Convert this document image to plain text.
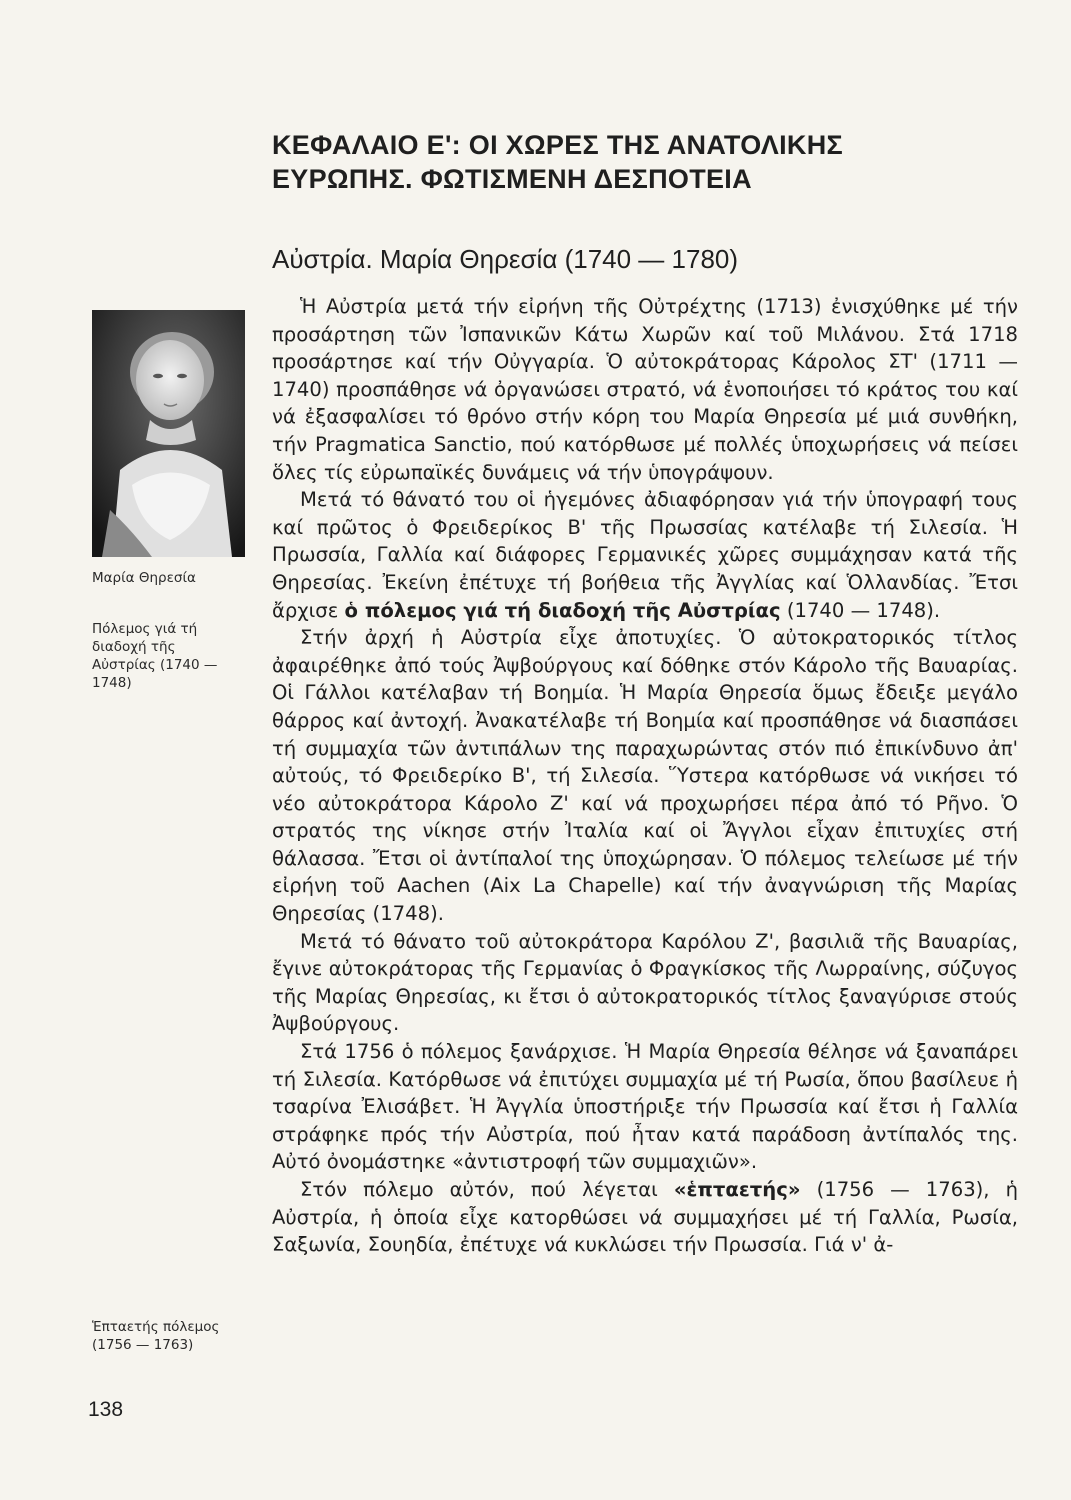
ΚΕΦΑΛΑΙΟ Ε': ΟΙ ΧΩΡΕΣ ΤΗΣ ΑΝΑΤΟΛΙΚΗΣ
ΕΥΡΩΠΗΣ. ΦΩΤΙΣΜΕΝΗ ΔΕΣΠΟΤΕΙΑ
Αὐστρία. Μαρία Θηρεσία (1740 — 1780)
Μαρία Θηρεσία
Πόλεμος γιά τή διαδοχή τῆς Αὐστρίας (1740 — 1748)
Ἑπταετής πόλεμος (1756 — 1763)

Ἡ Αὐστρία μετά τήν εἰρήνη τῆς Οὐτρέχτης (1713) ἐνισχύθηκε μέ τήν προσάρτηση τῶν Ἰσπανικῶν Κάτω Χωρῶν καί τοῦ Μιλάνου. Στά 1718 προσάρτησε καί τήν Οὐγγαρία. Ὁ αὐτοκράτορας Κάρολος ΣΤ' (1711 — 1740) προσπάθησε νά ὀργανώσει στρατό, νά ἑνοποιήσει τό κράτος του καί νά ἐξασφαλίσει τό θρόνο στήν κόρη του Μαρία Θηρεσία μέ μιά συνθήκη, τήν Pragmatica Sanctio, πού κατόρθωσε μέ πολλές ὑποχωρήσεις νά πείσει ὅλες τίς εὐρωπαϊκές δυνάμεις νά τήν ὑπογράψουν.

Μετά τό θάνατό του οἱ ἡγεμόνες ἀδιαφόρησαν γιά τήν ὑπογραφή τους καί πρῶτος ὁ Φρειδερίκος Β' τῆς Πρωσσίας κατέλαβε τή Σιλεσία. Ἡ Πρωσσία, Γαλλία καί διάφορες Γερμανικές χῶρες συμμάχησαν κατά τῆς Θηρεσίας. Ἐκείνη ἐπέτυχε τή βοήθεια τῆς Ἀγγλίας καί Ὁλλανδίας. Ἔτσι ἄρχισε ὁ πόλεμος γιά τή διαδοχή τῆς Αὐστρίας (1740 — 1748).

Στήν ἀρχή ἡ Αὐστρία εἶχε ἀποτυχίες. Ὁ αὐτοκρατορικός τίτλος ἀφαιρέθηκε ἀπό τούς Ἀψβούργους καί δόθηκε στόν Κάρολο τῆς Βαυαρίας. Οἱ Γάλλοι κατέλαβαν τή Βοημία. Ἡ Μαρία Θηρεσία ὅμως ἔδειξε μεγάλο θάρρος καί ἀντοχή. Ἀνακατέλαβε τή Βοημία καί προσπάθησε νά διασπάσει τή συμμαχία τῶν ἀντιπάλων της παραχωρώντας στόν πιό ἐπικίνδυνο ἀπ' αὐτούς, τό Φρειδερίκο Β', τή Σιλεσία. Ὕστερα κατόρθωσε νά νικήσει τό νέο αὐτοκράτορα Κάρολο Ζ' καί νά προχωρήσει πέρα ἀπό τό Ρῆνο. Ὁ στρατός της νίκησε στήν Ἰταλία καί οἱ Ἄγγλοι εἶχαν ἐπιτυχίες στή θάλασσα. Ἔτσι οἱ ἀντίπαλοί της ὑποχώρησαν. Ὁ πόλεμος τελείωσε μέ τήν εἰρήνη τοῦ Aachen (Aix La Chapelle) καί τήν ἀναγνώριση τῆς Μαρίας Θηρεσίας (1748).

Μετά τό θάνατο τοῦ αὐτοκράτορα Καρόλου Ζ', βασιλιᾶ τῆς Βαυαρίας, ἔγινε αὐτοκράτορας τῆς Γερμανίας ὁ Φραγκίσκος τῆς Λωρραίνης, σύζυγος τῆς Μαρίας Θηρεσίας, κι ἔτσι ὁ αὐτοκρατορικός τίτλος ξαναγύρισε στούς Ἀψβούργους.

Στά 1756 ὁ πόλεμος ξανάρχισε. Ἡ Μαρία Θηρεσία θέλησε νά ξαναπάρει τή Σιλεσία. Κατόρθωσε νά ἐπιτύχει συμμαχία μέ τή Ρωσία, ὅπου βασίλευε ἡ τσαρίνα Ἐλισάβετ. Ἡ Ἀγγλία ὑποστήριξε τήν Πρωσσία καί ἔτσι ἡ Γαλλία στράφηκε πρός τήν Αὐστρία, πού ἦταν κατά παράδοση ἀντίπαλός της. Αὐτό ὀνομάστηκε «ἀντιστροφή τῶν συμμαχιῶν».

Στόν πόλεμο αὐτόν, πού λέγεται «ἑπταετής» (1756 — 1763), ἡ Αὐστρία, ἡ ὁποία εἶχε κατορθώσει νά συμμαχήσει μέ τή Γαλλία, Ρωσία, Σαξωνία, Σουηδία, ἐπέτυχε νά κυκλώσει τήν Πρωσσία. Γιά ν' ἀ-

138
